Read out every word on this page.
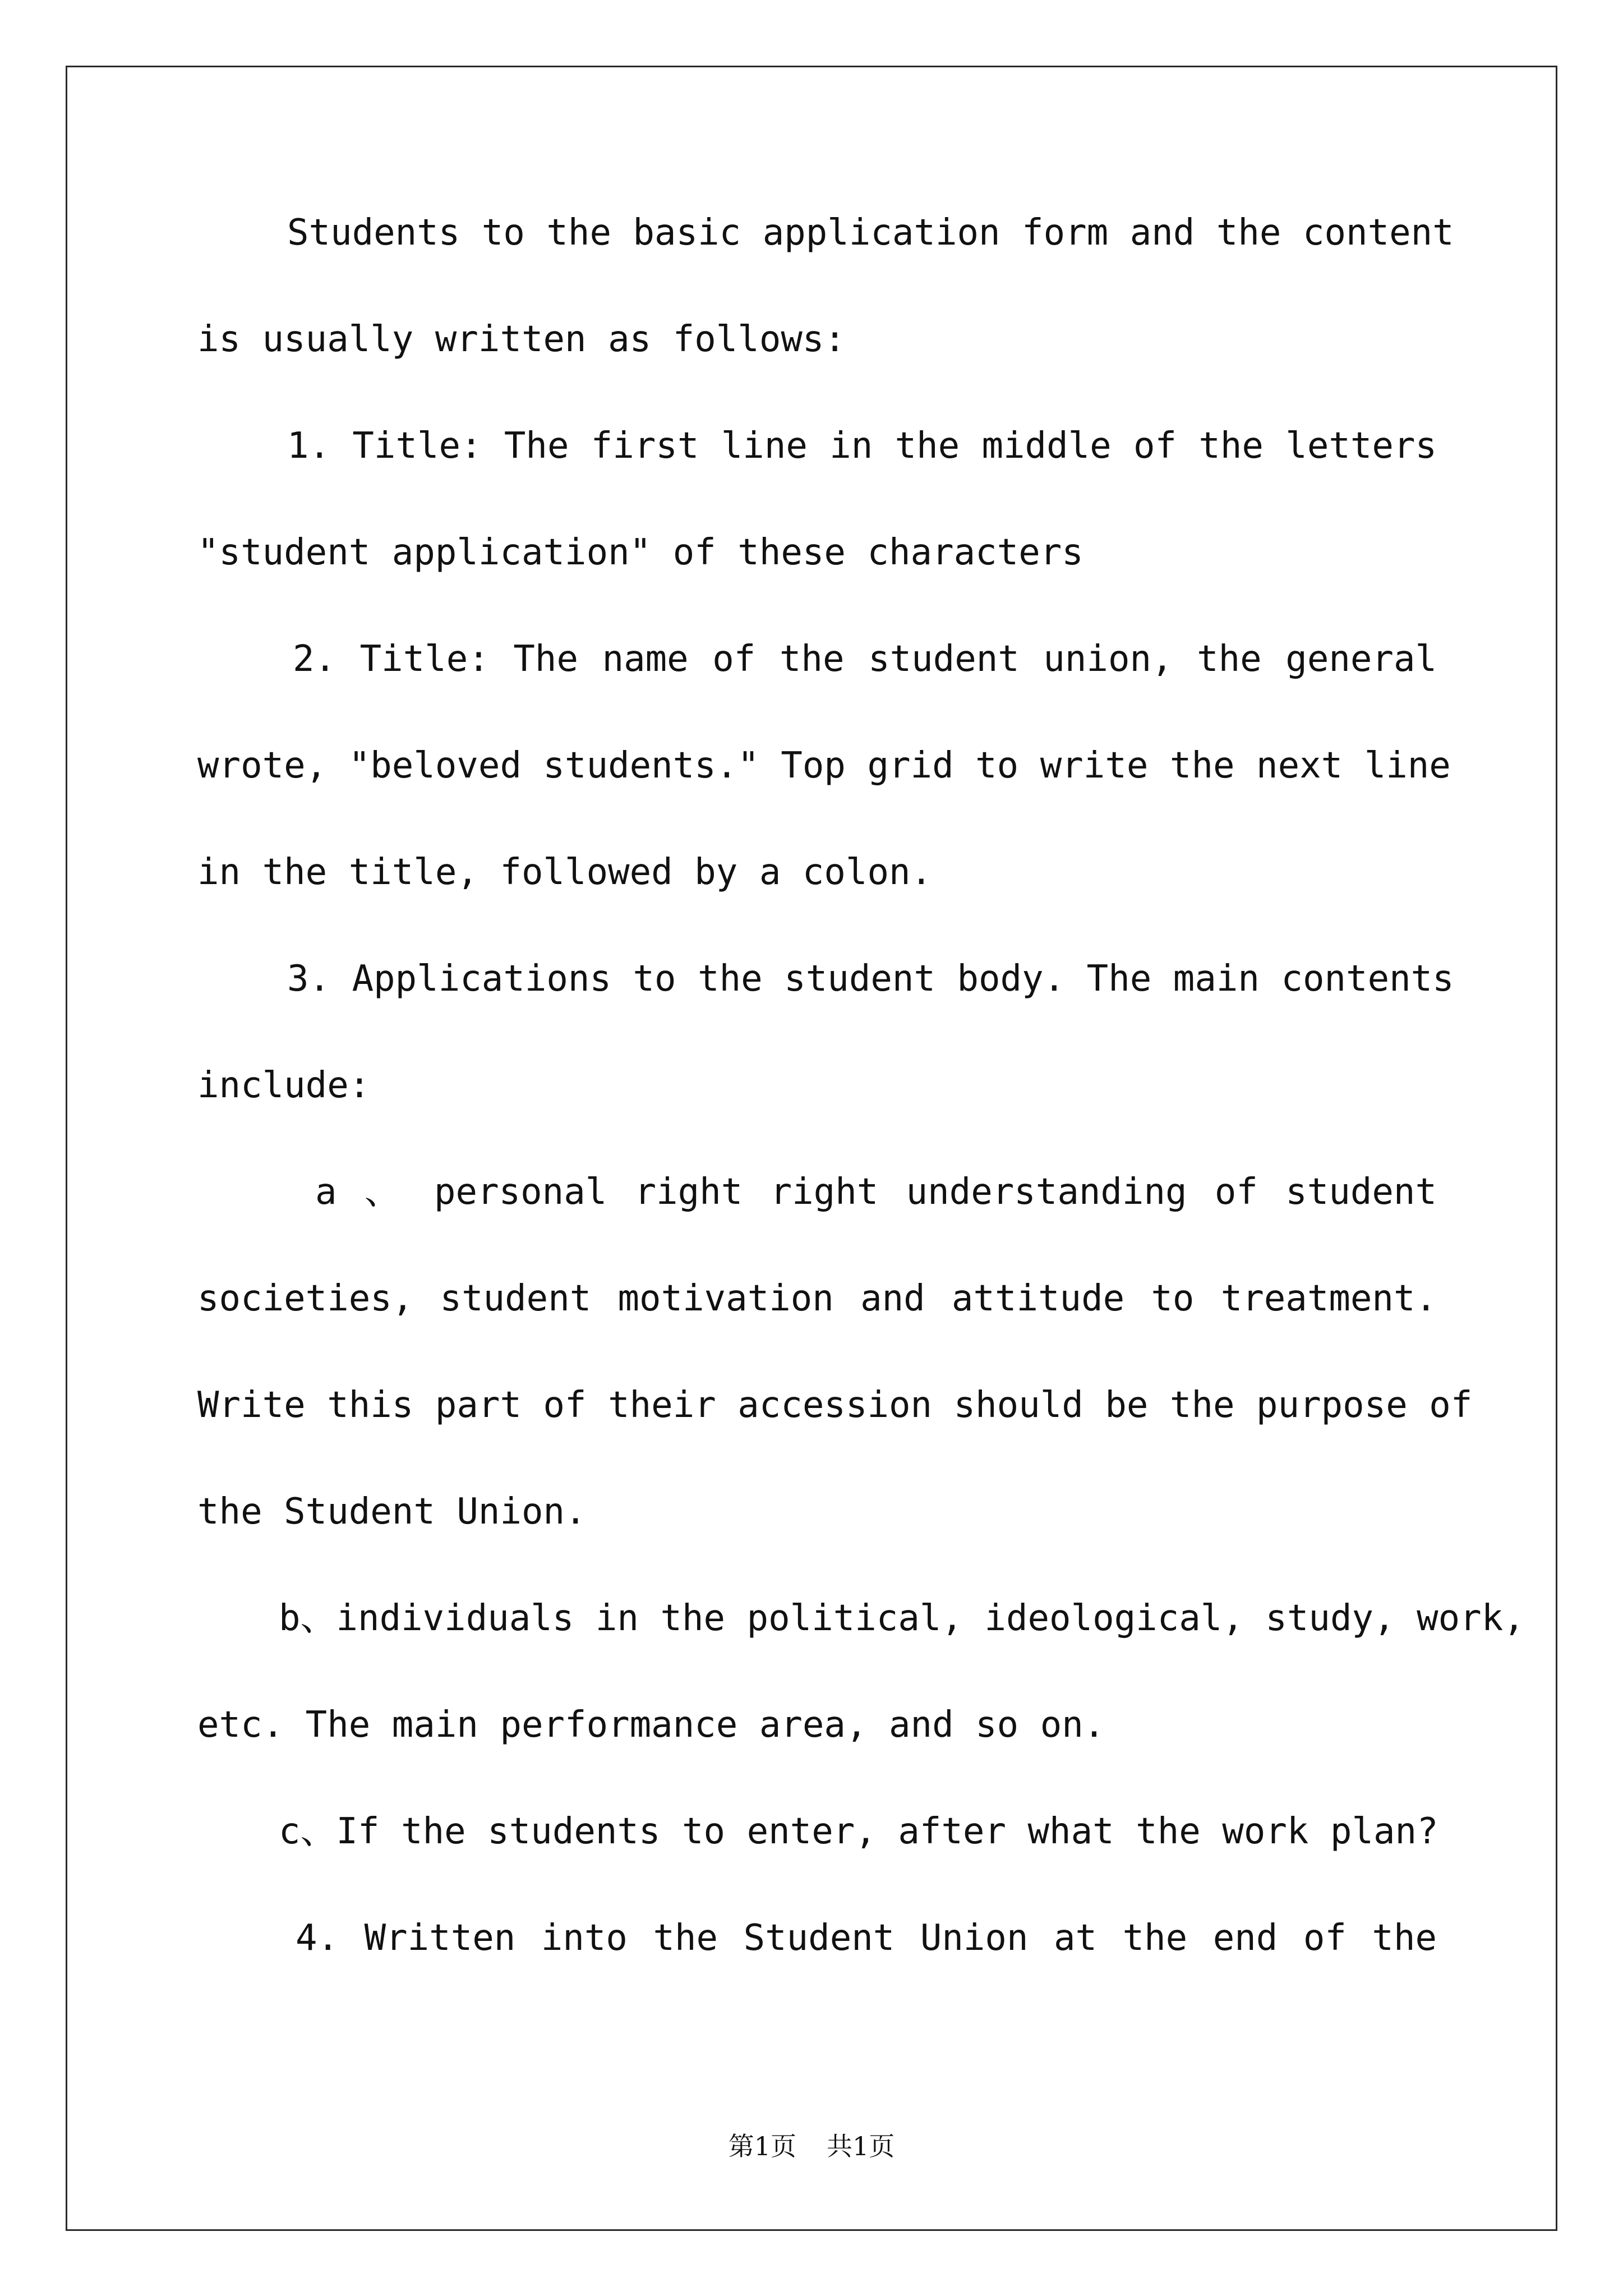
Students to the basic application form and the content
is usually written as follows:
1. Title: The first line in the middle of the letters
"student application" of these characters
2. Title: The name of the student union, the general
wrote, "beloved students." Top grid to write the next line
in the title, followed by a colon.
3. Applications to the student body. The main contents
include:
a 、 personal right right understanding of student
societies, student motivation and attitude to treatment.
Write this part of their accession should be the purpose of
the Student Union.
b、individuals in the political, ideological, study, work,
etc. The main performance area, and so on.
c、If the students to enter, after what the work plan?
4. Written into the Student Union at the end of the
第1页 共1页
